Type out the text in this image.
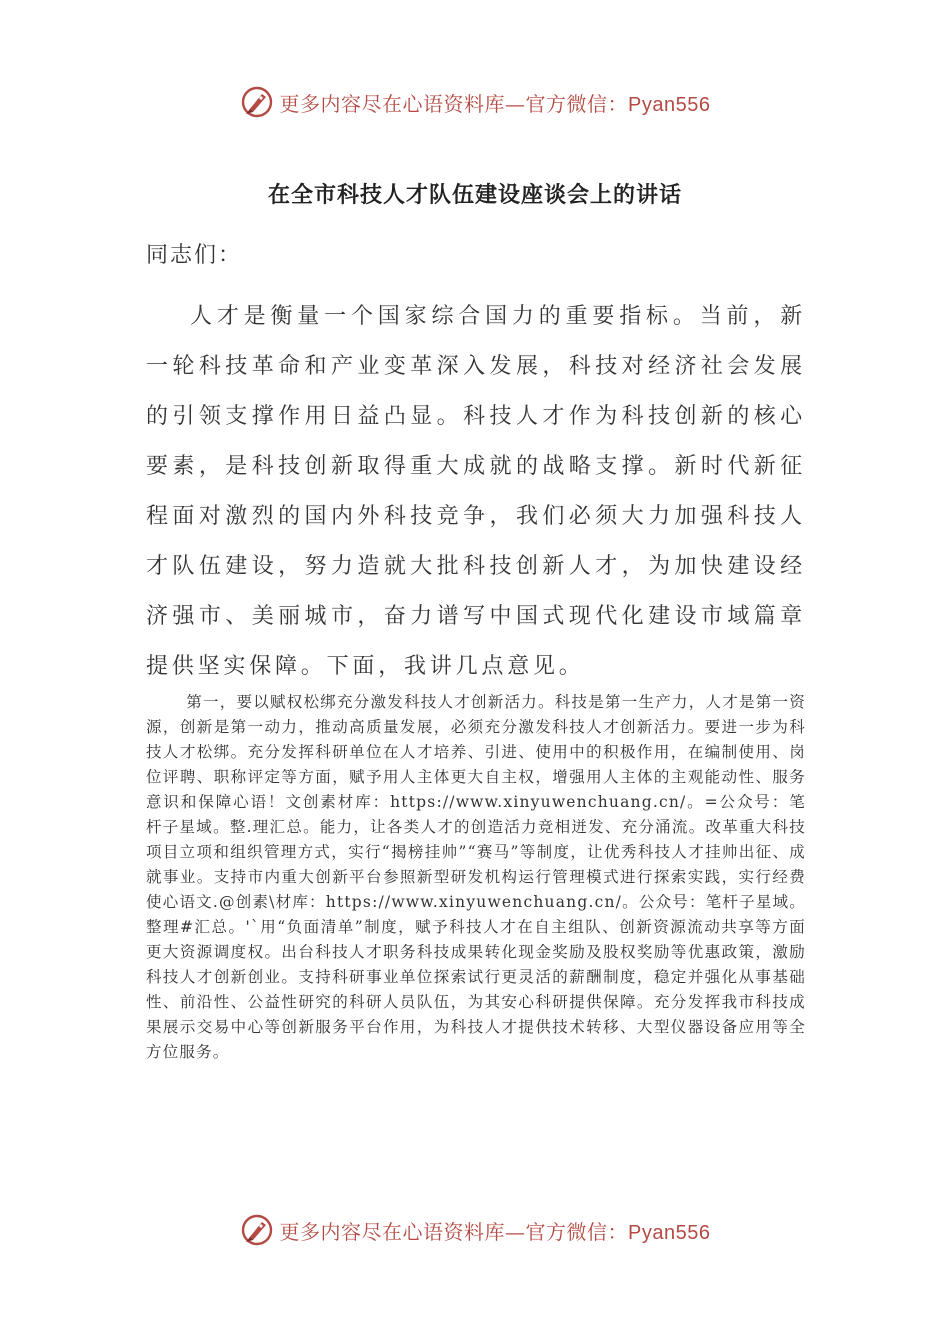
更多内容尽在心语资料库—官方微信：Pyan556
在全市科技人才队伍建设座谈会上的讲话
同志们：

人才是衡量一个国家综合国力的重要指标。当前，新一轮科技革命和产业变革深入发展，科技对经济社会发展的引领支撑作用日益凸显。科技人才作为科技创新的核心要素，是科技创新取得重大成就的战略支撑。新时代新征程面对激烈的国内外科技竞争，我们必须大力加强科技人才队伍建设，努力造就大批科技创新人才，为加快建设经济强市、美丽城市，奋力谱写中国式现代化建设市域篇章提供坚实保障。下面，我讲几点意见。

第一，要以赋权松绑充分激发科技人才创新活力。科技是第一生产力，人才是第一资源，创新是第一动力，推动高质量发展，必须充分激发科技人才创新活力。要进一步为科技人才松绑。充分发挥科研单位在人才培养、引进、使用中的积极作用，在编制使用、岗位评聘、职称评定等方面，赋予用人主体更大自主权，增强用人主体的主观能动性、服务意识和保障心语！文创素材库：https://www.xinyuwenchuang.cn/。=公众号：笔杆子星域。整.理汇总。能力，让各类人才的创造活力竞相迸发、充分涌流。改革重大科技项目立项和组织管理方式，实行“揭榜挂帅”“赛马”等制度，让优秀科技人才挂帅出征、成就事业。支持市内重大创新平台参照新型研发机构运行管理模式进行探索实践，实行经费使心语文.@创素\材库：https://www.xinyuwenchuang.cn/。公众号：笔杆子星域。整理#汇总。'`用“负面清单”制度，赋予科技人才在自主组队、创新资源流动共享等方面更大资源调度权。出台科技人才职务科技成果转化现金奖励及股权奖励等优惠政策，激励科技人才创新创业。支持科研事业单位探索试行更灵活的薪酬制度，稳定并强化从事基础性、前沿性、公益性研究的科研人员队伍，为其安心科研提供保障。充分发挥我市科技成果展示交易中心等创新服务平台作用，为科技人才提供技术转移、大型仪器设备应用等全方位服务。

更多内容尽在心语资料库—官方微信：Pyan556
